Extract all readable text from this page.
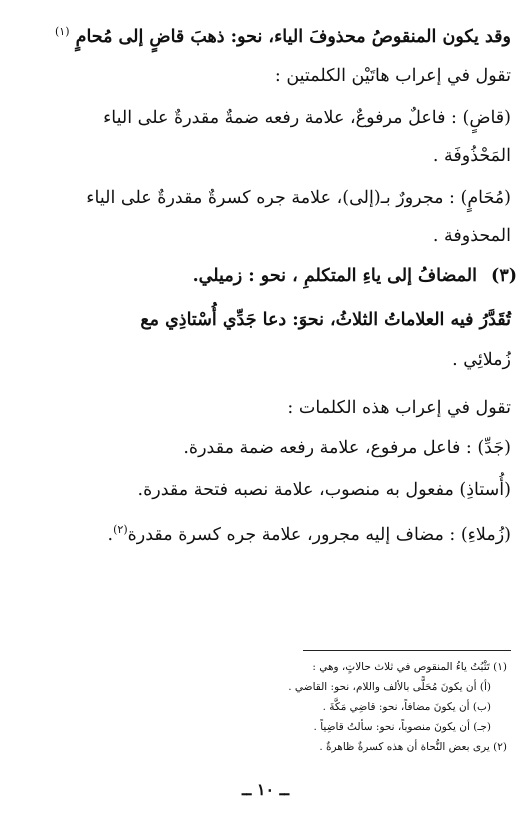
وقد يكون المنقوصُ محذوفَ الياء، نحو: ذهبَ قاضٍ إلى مُحامٍ $^{(١)}$
تقول في إعراب هاتَيْن الكلمتين :
(قاضٍ) : فاعلٌ مرفوعٌ، علامة رفعه ضمةٌ مقدرةٌ على الياء
المَحْذُوفَة .
(مُحَامٍ) : مجرورٌ بـ(إلى)، علامة جره كسرةٌ مقدرةٌ على الياء
المحذوفة .
(٣)
المضافُ إلى ياءِ المتكلمِ ، نحو : زميلي.
تُقَدَّرُ فيه العلاماتُ الثلاثُ، نحوَ: دعا جَدِّي أُسْتاذِي مع
زُملائِي .
تقول في إعراب هذه الكلمات :
(جَدِّ) : فاعل مرفوع، علامة رفعه ضمة مقدرة.
(أُستاذِ) مفعول به منصوب، علامة نصبه فتحة مقدرة.
(زُملاءِ) : مضاف إليه مجرور، علامة جره كسرة مقدرة$^{(٢)}$.
(١) تَثْبُتُ ياءُ المنقوص في ثلاث حالاتٍ، وهي :
(أ) أن يكونَ مُحَلًّى بالألف واللام، نحو: القاضي .
(ب) أن يكونَ مضافاً، نحو: قاضِي مَكَّةَ .
(جـ) أن يكونَ منصوباً، نحو: سألتُ قاضِياً .
(٢) يرى بعض النُّحاة أن هذه كسرةٌ ظاهرةٌ .
ــ ١٠ ــ
